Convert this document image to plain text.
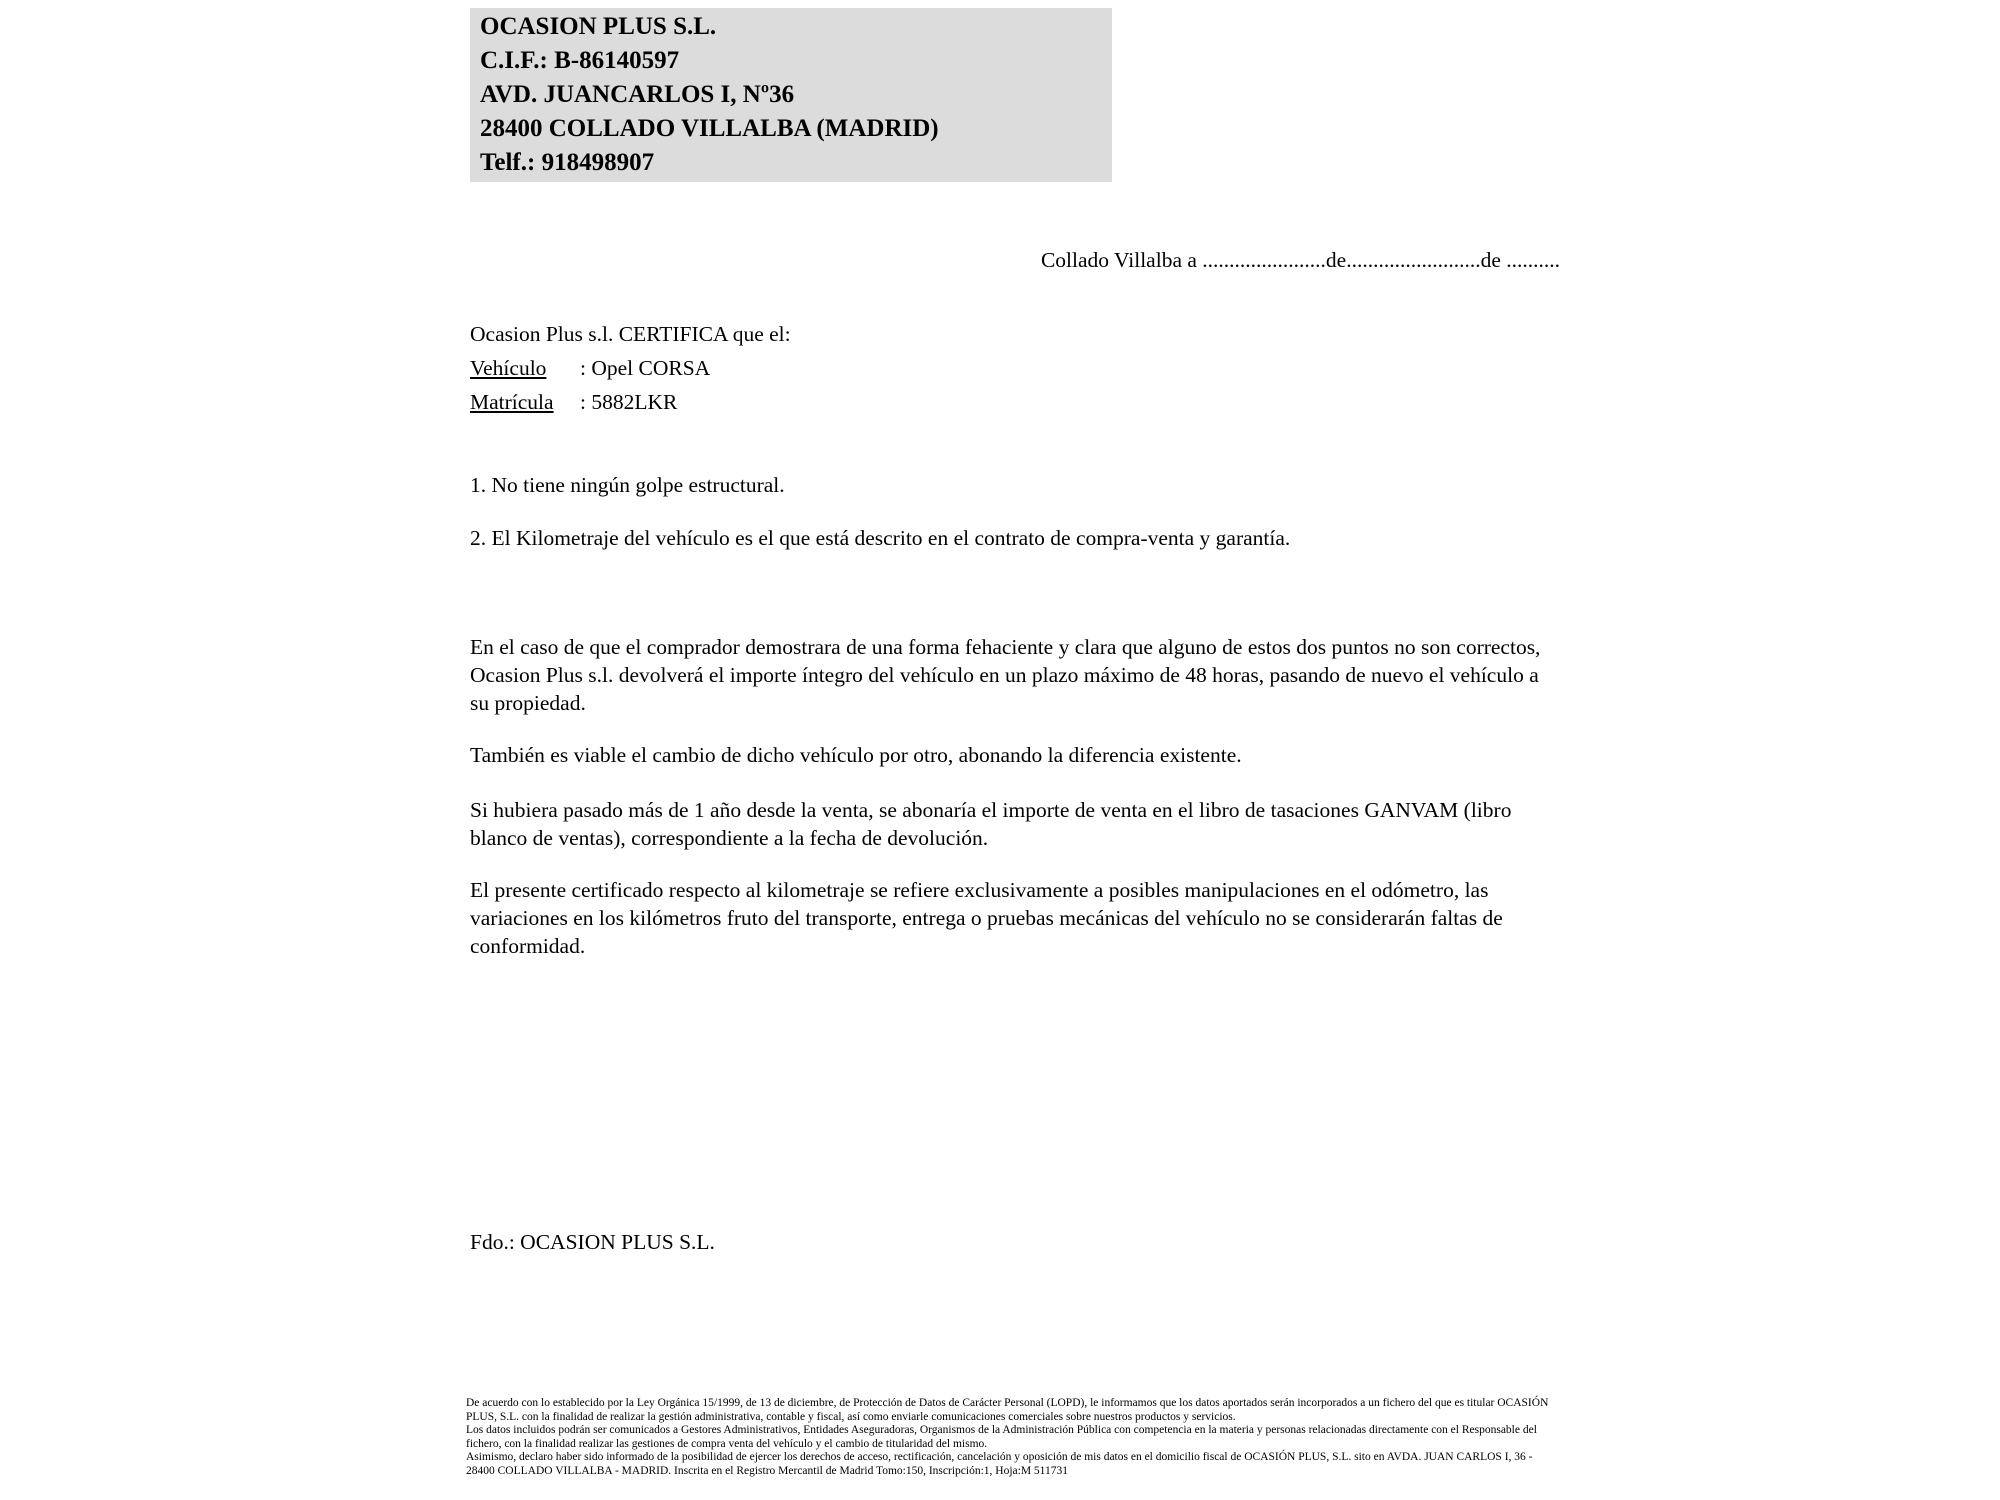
OCASION PLUS S.L.
C.I.F.: B-86140597
AVD. JUANCARLOS I, Nº36
28400 COLLADO VILLALBA (MADRID)
Telf.: 918498907
Collado Villalba a .......................de.........................de ..........
Ocasion Plus s.l. CERTIFICA que el:
Vehículo : Opel CORSA
Matrícula : 5882LKR

1. No tiene ningún golpe estructural.

2. El Kilometraje del vehículo es el que está descrito en el contrato de compra-venta y garantía.

En el caso de que el comprador demostrara de una forma fehaciente y clara que alguno de estos dos puntos no son correctos, Ocasion Plus s.l. devolverá el importe íntegro del vehículo en un plazo máximo de 48 horas, pasando de nuevo el vehículo a su propiedad.

También es viable el cambio de dicho vehículo por otro, abonando la diferencia existente.

Si hubiera pasado más de 1 año desde la venta, se abonaría el importe de venta en el libro de tasaciones GANVAM (libro blanco de ventas), correspondiente a la fecha de devolución.

El presente certificado respecto al kilometraje se refiere exclusivamente a posibles manipulaciones en el odómetro, las variaciones en los kilómetros fruto del transporte, entrega o pruebas mecánicas del vehículo no se considerarán faltas de conformidad.

Fdo.: OCASION PLUS S.L.

De acuerdo con lo establecido por la Ley Orgánica 15/1999, de 13 de diciembre, de Protección de Datos de Carácter Personal (LOPD), le informamos que los datos aportados serán incorporados a un fichero del que es titular OCASIÓN PLUS, S.L. con la finalidad de realizar la gestión administrativa, contable y fiscal, así como enviarle comunicaciones comerciales sobre nuestros productos y servicios.

Los datos incluidos podrán ser comunicados a Gestores Administrativos, Entidades Aseguradoras, Organismos de la Administración Pública con competencia en la materia y personas relacionadas directamente con el Responsable del fichero, con la finalidad realizar las gestiones de compra venta del vehículo y el cambio de titularidad del mismo.

Asimismo, declaro haber sido informado de la posibilidad de ejercer los derechos de acceso, rectificación, cancelación y oposición de mis datos en el domicilio fiscal de OCASIÓN PLUS, S.L. sito en AVDA. JUAN CARLOS I, 36 - 28400 COLLADO VILLALBA - MADRID. Inscrita en el Registro Mercantil de Madrid Tomo:150, Inscripción:1, Hoja:M 511731
